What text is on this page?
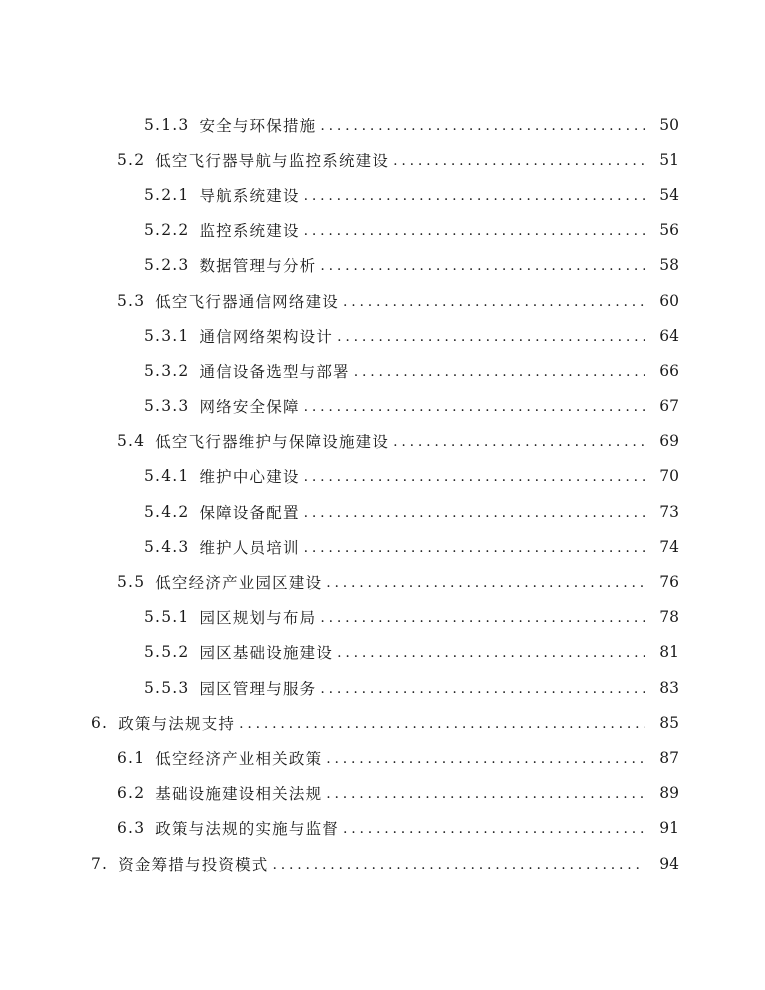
5.1.3 安全与环保措施 .....	50
5.2 低空飞行器导航与监控系统建设 .....	51
5.2.1 导航系统建设 .....	54
5.2.2 监控系统建设 .....	56
5.2.3 数据管理与分析 .....	58
5.3 低空飞行器通信网络建设 .....	60
5.3.1 通信网络架构设计 .....	64
5.3.2 通信设备选型与部署 .....	66
5.3.3 网络安全保障 .....	67
5.4 低空飞行器维护与保障设施建设 .....	69
5.4.1 维护中心建设 .....	70
5.4.2 保障设备配置 .....	73
5.4.3 维护人员培训 .....	74
5.5 低空经济产业园区建设 .....	76
5.5.1 园区规划与布局 .....	78
5.5.2 园区基础设施建设 .....	81
5.5.3 园区管理与服务 .....	83
6. 政策与法规支持 .....	85
6.1 低空经济产业相关政策 .....	87
6.2 基础设施建设相关法规 .....	89
6.3 政策与法规的实施与监督 .....	91
7. 资金筹措与投资模式 .....	94
